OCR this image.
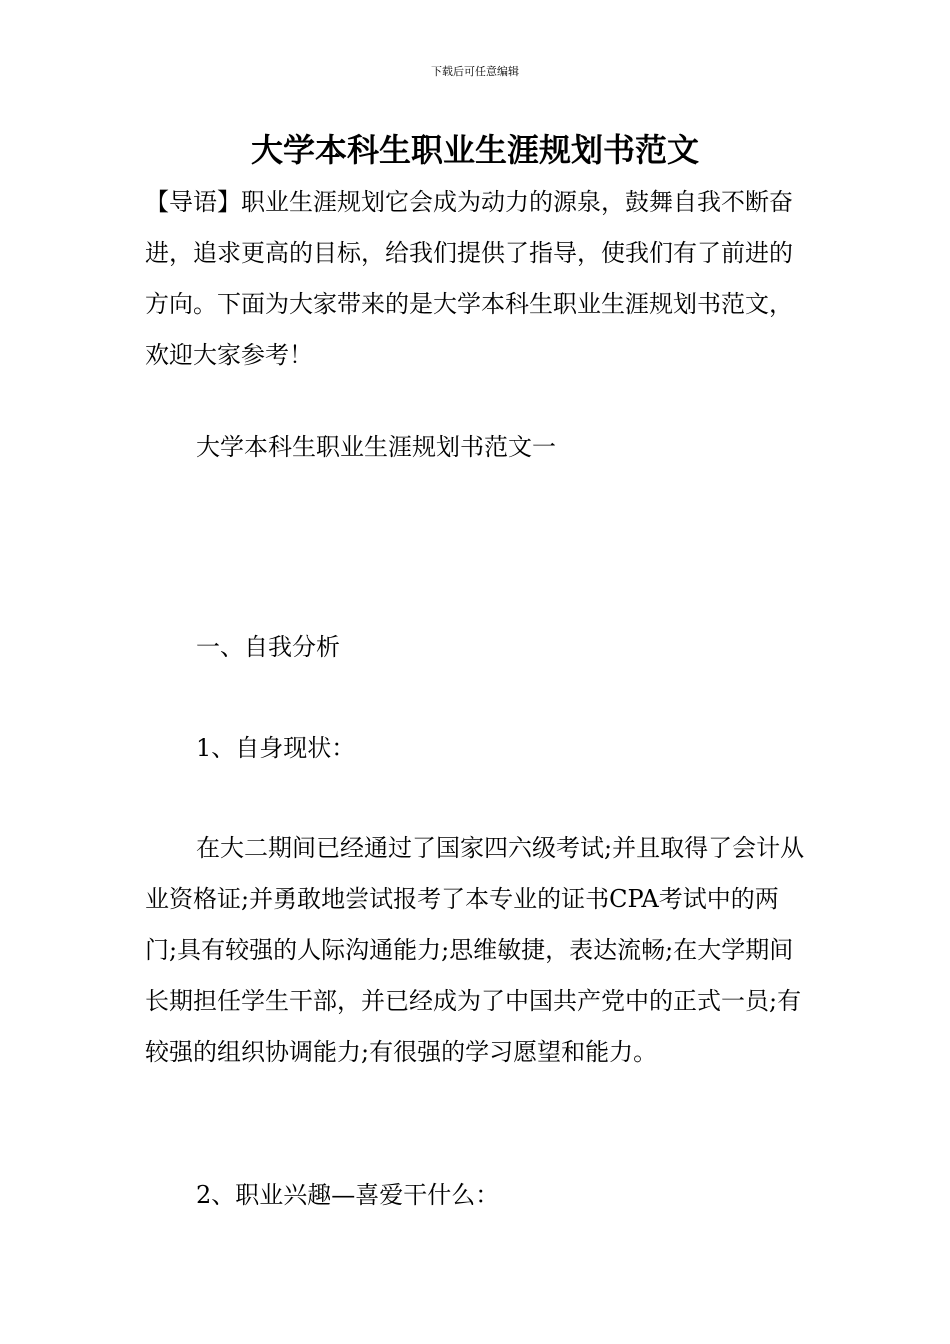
下载后可任意编辑
大学本科生职业生涯规划书范文

【导语】职业生涯规划它会成为动力的源泉，鼓舞自我不断奋进，追求更高的目标，给我们提供了指导，使我们有了前进的方向。下面为大家带来的是大学本科生职业生涯规划书范文，欢迎大家参考！

大学本科生职业生涯规划书范文一

一、自我分析

1、自身现状：

在大二期间已经通过了国家四六级考试;并且取得了会计从业资格证;并勇敢地尝试报考了本专业的证书CPA考试中的两门;具有较强的人际沟通能力;思维敏捷，表达流畅;在大学期间长期担任学生干部，并已经成为了中国共产党中的正式一员;有较强的组织协调能力;有很强的学习愿望和能力。

2、职业兴趣—喜爱干什么：
